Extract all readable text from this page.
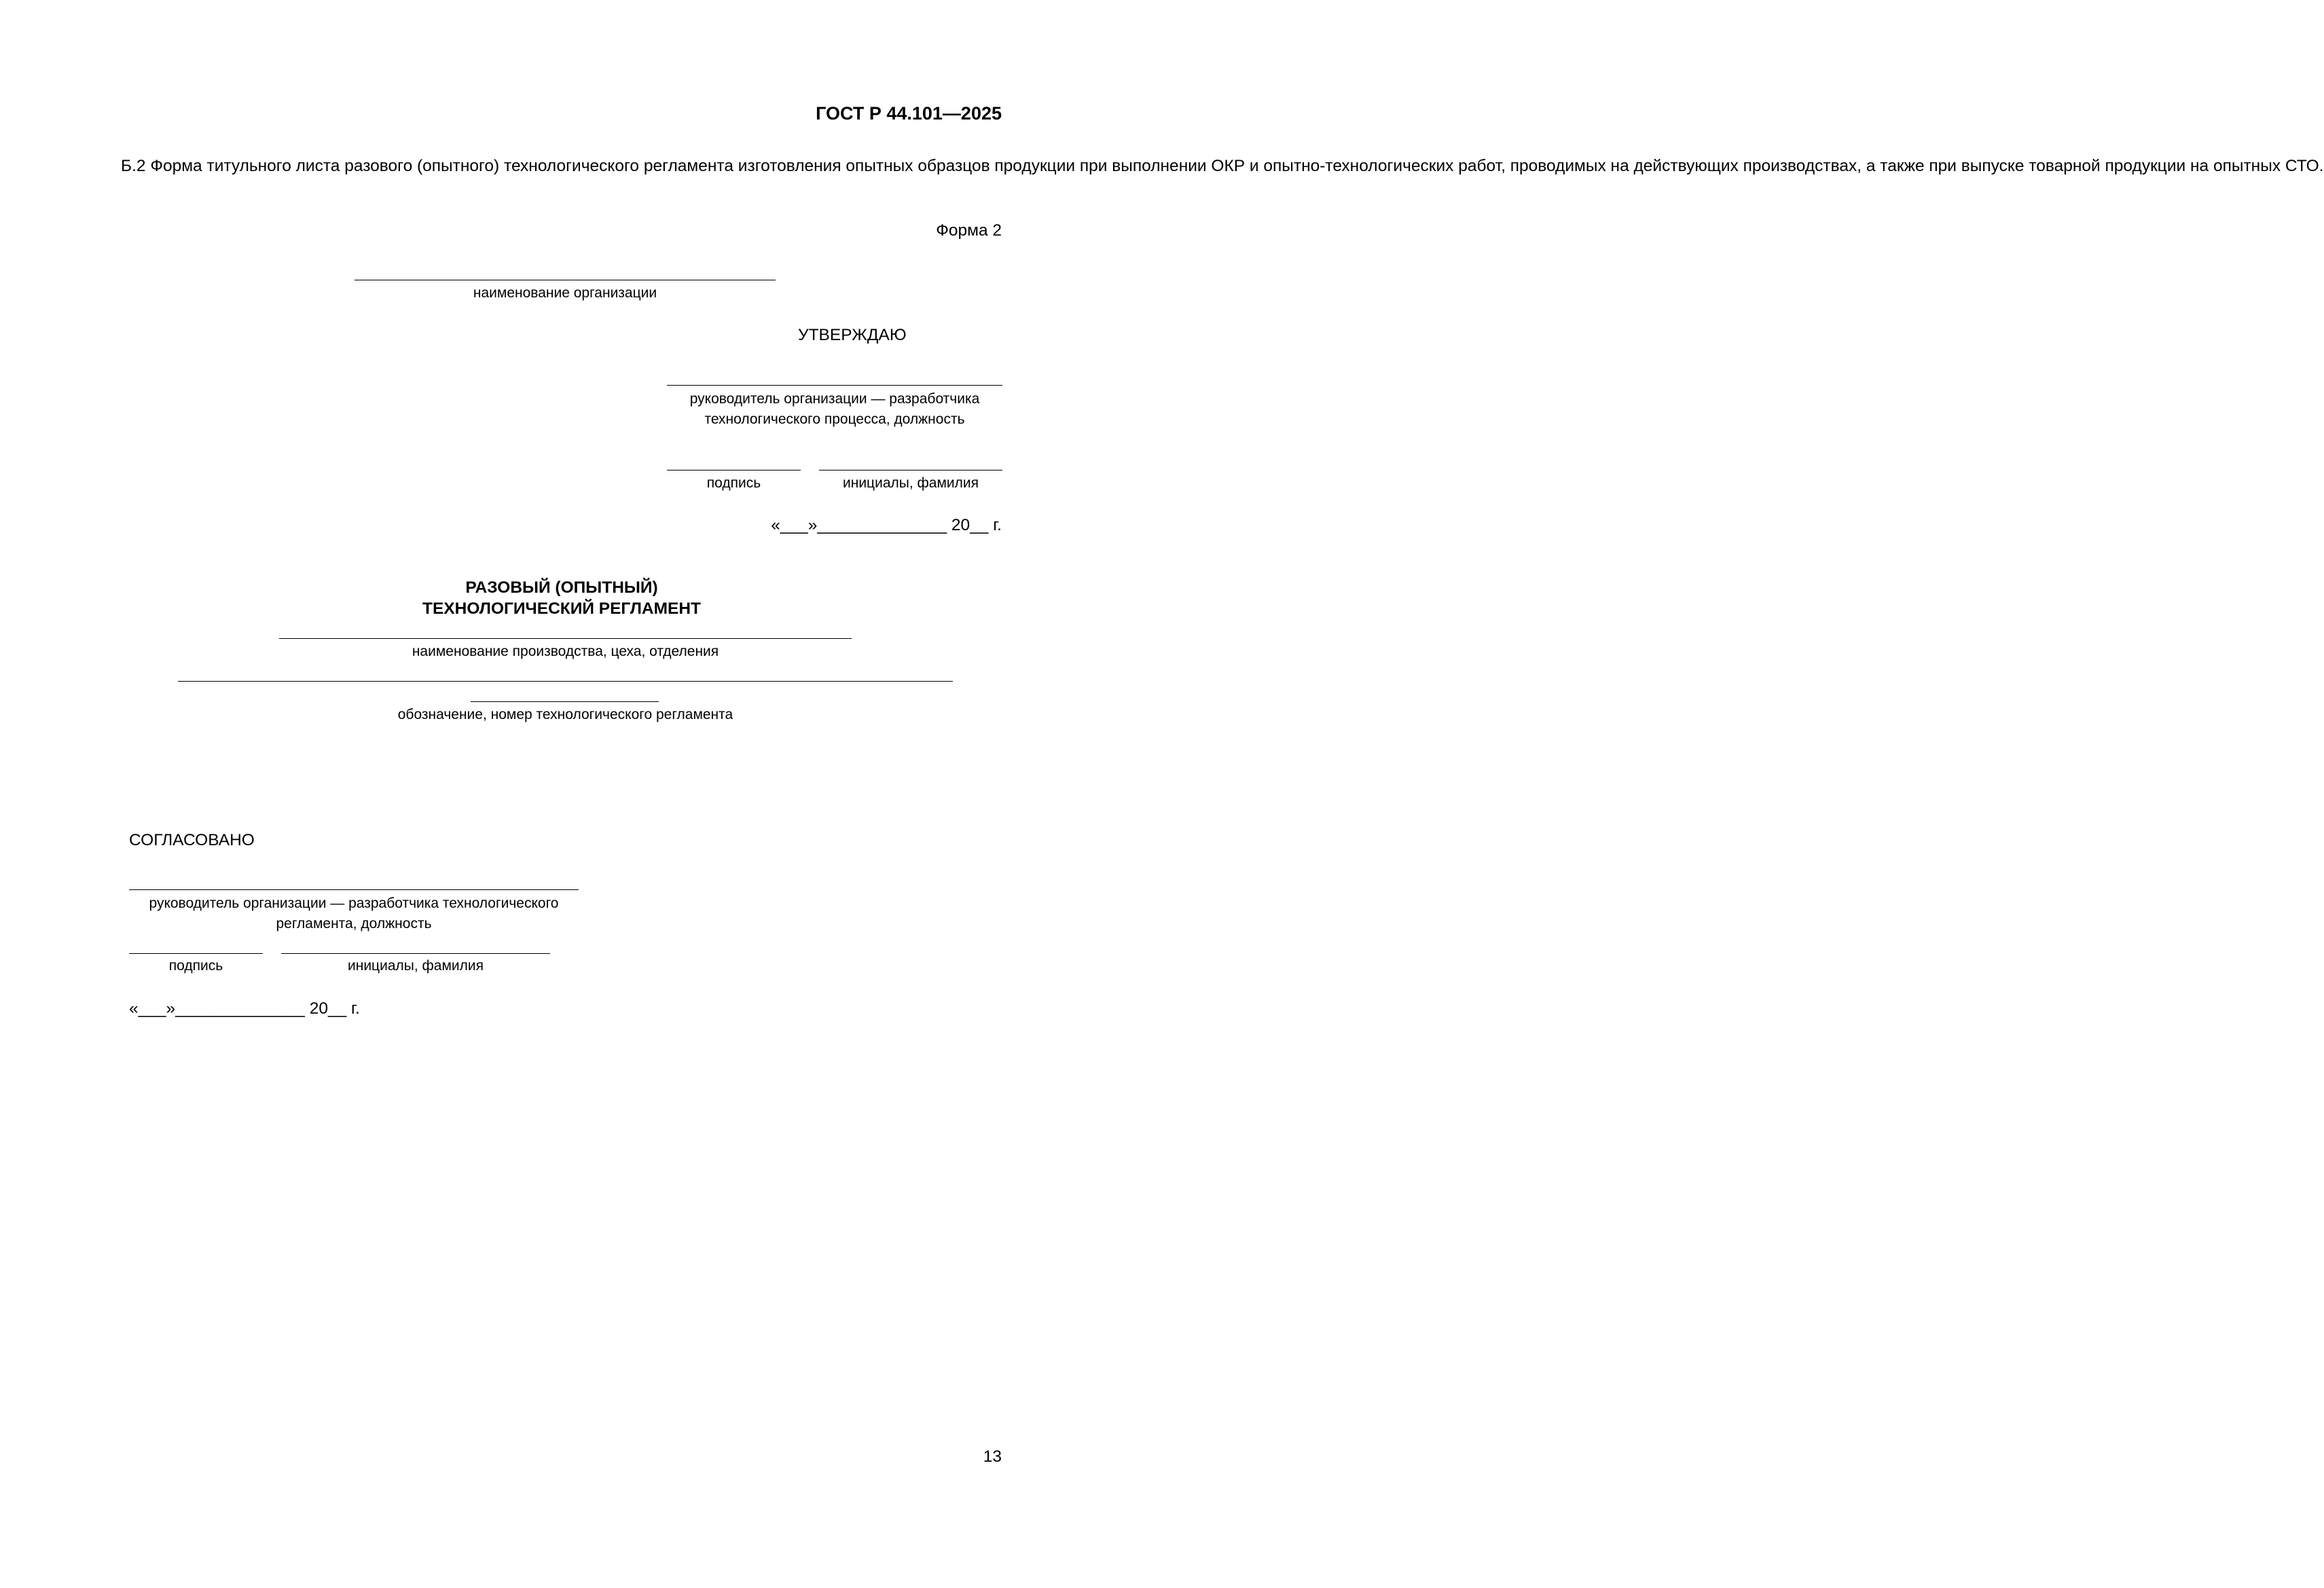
ГОСТ Р 44.101—2025

Б.2 Форма титульного листа разового (опытного) технологического регламента изготовления опытных образцов продукции при выполнении ОКР и опытно-технологических работ, проводимых на действующих производствах, а также при выпуске товарной продукции на опытных СТО.

Форма 2
наименование организации
УТВЕРЖДАЮ
руководитель организации — разработчика
технологического процесса, должность
подпись	инициалы, фамилия
«___»______________ 20__ г.
РАЗОВЫЙ (ОПЫТНЫЙ)
ТЕХНОЛОГИЧЕСКИЙ РЕГЛАМЕНТ
наименование производства, цеха, отделения
обозначение, номер технологического регламента
СОГЛАСОВАНО
руководитель организации — разработчика технологического
регламента, должность
подпись	инициалы, фамилия
«___»______________ 20__ г.
13
